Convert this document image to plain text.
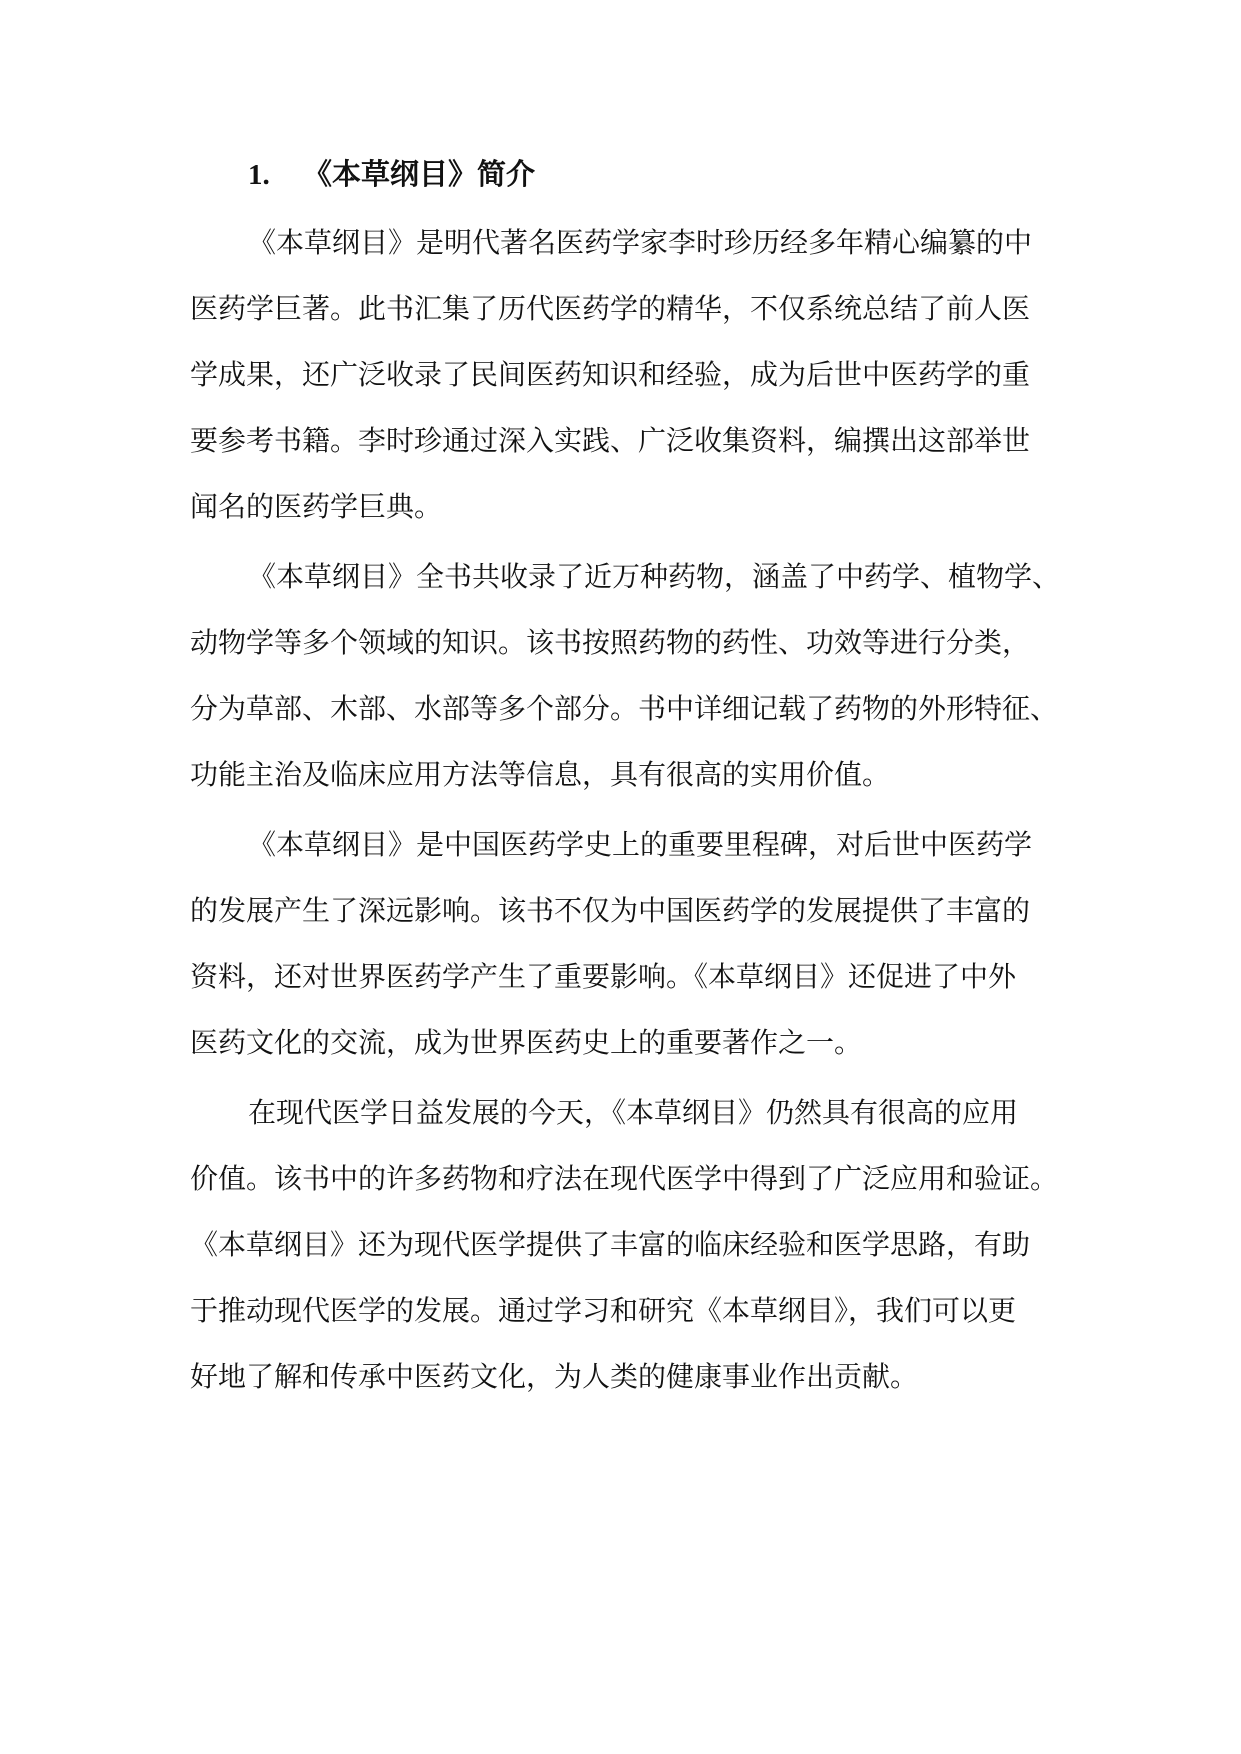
1. 《本草纲目》简介

《本草纲目》是明代著名医药学家李时珍历经多年精心编纂的中
医药学巨著。此书汇集了历代医药学的精华，不仅系统总结了前人医
学成果，还广泛收录了民间医药知识和经验，成为后世中医药学的重
要参考书籍。李时珍通过深入实践、广泛收集资料，编撰出这部举世
闻名的医药学巨典。

《本草纲目》全书共收录了近万种药物，涵盖了中药学、植物学、
动物学等多个领域的知识。该书按照药物的药性、功效等进行分类，
分为草部、木部、水部等多个部分。书中详细记载了药物的外形特征、
功能主治及临床应用方法等信息，具有很高的实用价值。

《本草纲目》是中国医药学史上的重要里程碑，对后世中医药学
的发展产生了深远影响。该书不仅为中国医药学的发展提供了丰富的
资料，还对世界医药学产生了重要影响。《本草纲目》还促进了中外
医药文化的交流，成为世界医药史上的重要著作之一。

在现代医学日益发展的今天，《本草纲目》仍然具有很高的应用
价值。该书中的许多药物和疗法在现代医学中得到了广泛应用和验证。
《本草纲目》还为现代医学提供了丰富的临床经验和医学思路，有助
于推动现代医学的发展。通过学习和研究《本草纲目》，我们可以更
好地了解和传承中医药文化，为人类的健康事业作出贡献。
